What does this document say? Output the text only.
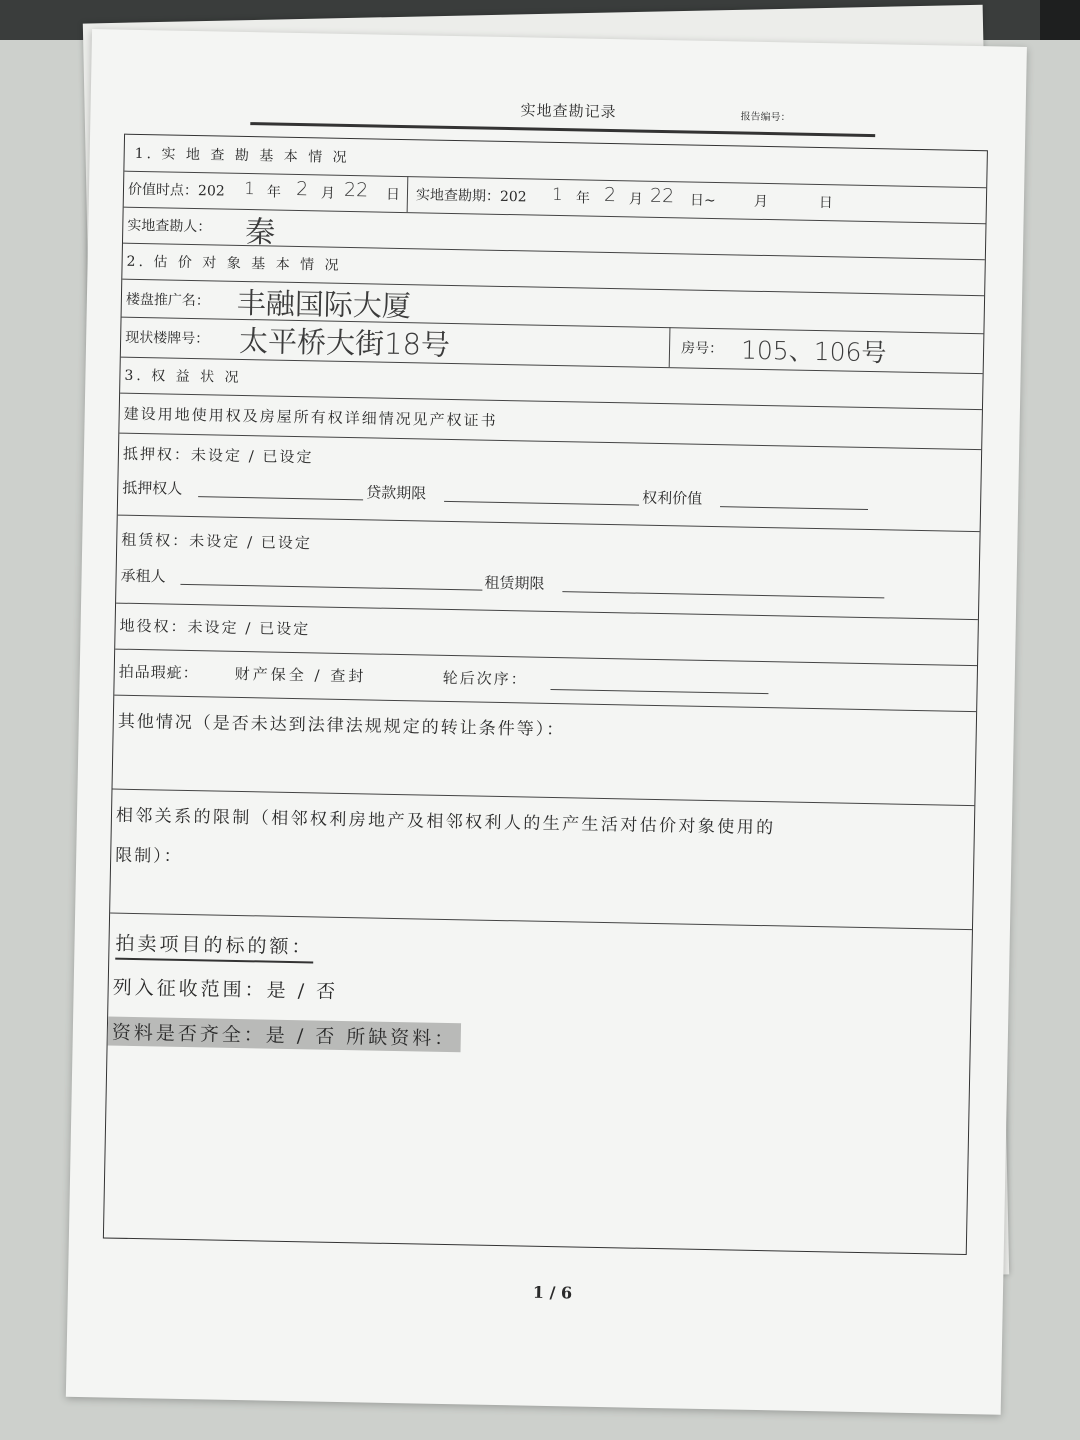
实地查勘记录	报告编号：
1. 实 地 查 勘 基 本 情 况
价值时点：202 1 年 2 月 22 日 实地查勘期：202 1 年 2 月 22 日~	月	日
实地查勘人： 秦
2. 估 价 对 象 基 本 情 况
楼盘推广名： 丰融国际大厦
现状楼牌号： 太平桥大街18号	房号： 105、106号
3. 权 益 状 况
建设用地使用权及房屋所有权详细情况见产权证书
抵押权：未设定 / 已设定
抵押权人	贷款期限	权利价值
租赁权：未设定 / 已设定
承租人	租赁期限
地役权：未设定 / 已设定
拍品瑕疵： 财产保全 / 查封	轮后次序：
其他情况（是否未达到法律法规规定的转让条件等）：
相邻关系的限制（相邻权利房地产及相邻权利人的生产生活对估价对象使用的
限制）：
拍卖项目的标的额：
列入征收范围：是 / 否
资料是否齐全：是 / 否 所缺资料：
1 / 6
